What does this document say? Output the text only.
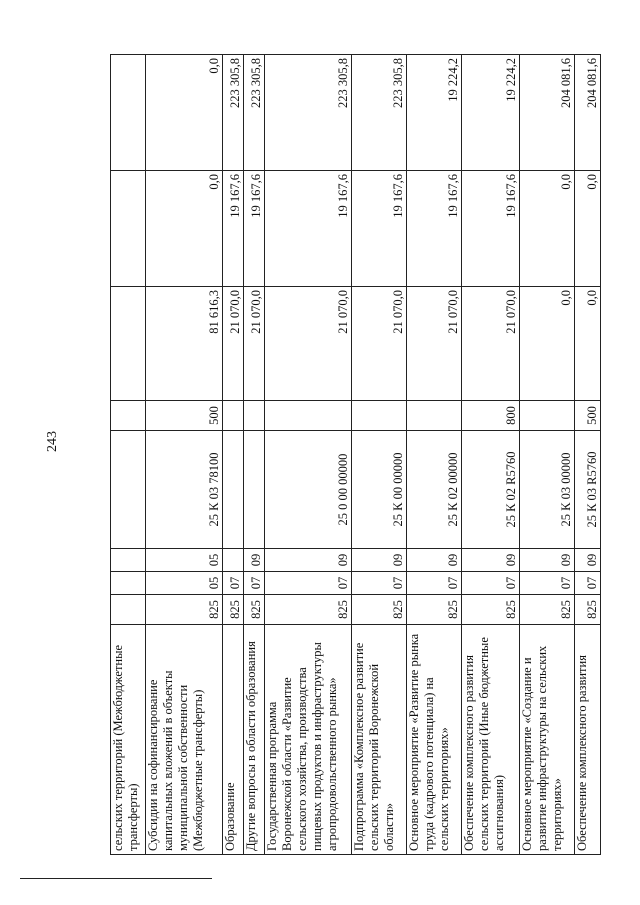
243
сельских территорий (Межбюджетные трансферты)								
Субсидии на софинансирование капитальных вложений в объекты муниципальной собственности (Межбюджетные трансферты)	825	05	05	25 К 03 78100	500	81 616,3	0,0	0,0
Образование	825	07				21 070,0	19 167,6	223 305,8
Другие вопросы в области образования	825	07	09			21 070,0	19 167,6	223 305,8
Государственная программа Воронежской области «Развитие сельского хозяйства, производства пищевых продуктов и инфраструктуры агропродовольственного рынка»	825	07	09	25 0 00 00000		21 070,0	19 167,6	223 305,8
Подпрограмма «Комплексное развитие сельских территорий Воронежской области»	825	07	09	25 К 00 00000		21 070,0	19 167,6	223 305,8
Основное мероприятие «Развитие рынка труда (кадрового потенциала) на сельских территориях»	825	07	09	25 К 02 00000		21 070,0	19 167,6	19 224,2
Обеспечение комплексного развития сельских территорий (Иные бюджетные ассигнования)	825	07	09	25 К 02 R5760	800	21 070,0	19 167,6	19 224,2
Основное мероприятие «Создание и развитие инфраструктуры на сельских территориях»	825	07	09	25 К 03 00000		0,0	0,0	204 081,6
Обеспечение комплексного развития	825	07	09	25 К 03 R5760	500	0,0	0,0	204 081,6
